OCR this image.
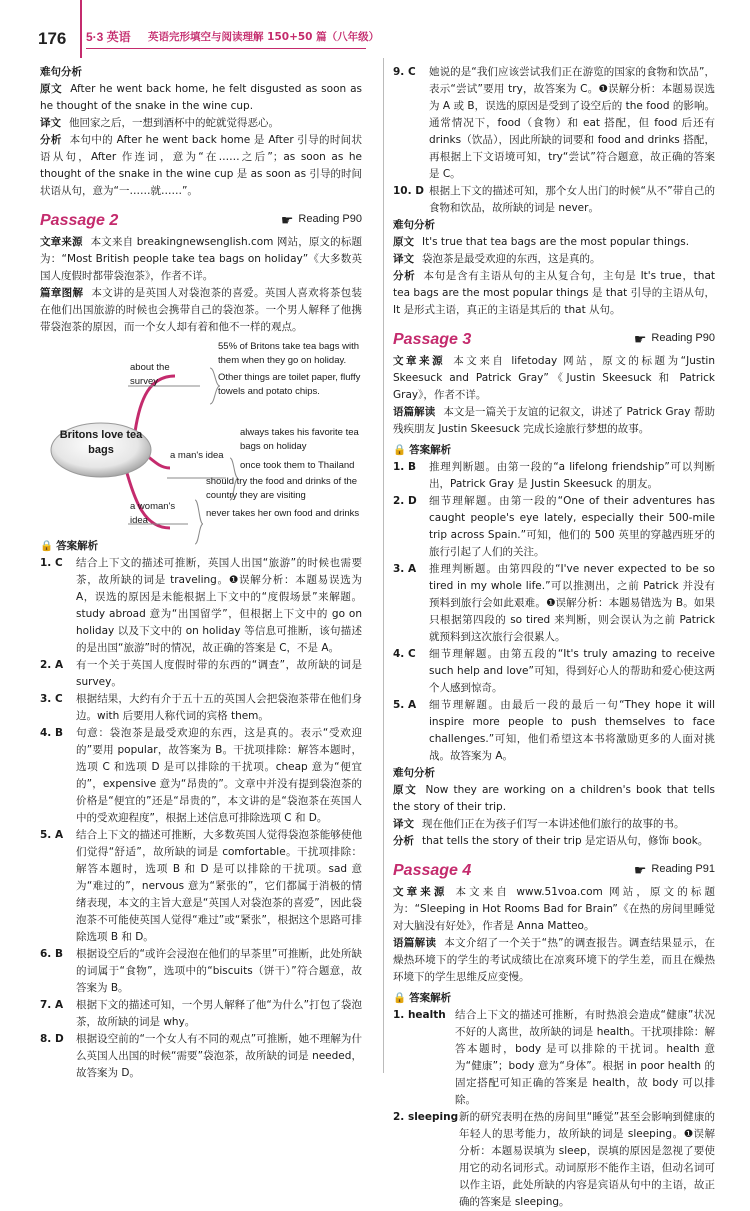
176 5·3 英语 英语完形填空与阅读理解 150+50 篇（八年级）
难句分析
原文 After he went back home, he felt disgusted as soon as he thought of the snake in the wine cup.
译文 他回家之后，一想到酒杯中的蛇就觉得恶心。
分析 本句中的 After he went back home 是 After 引导的时间状语从句，After 作连词，意为“在……之后”；as soon as he thought of the snake in the wine cup 是 as soon as 引导的时间状语从句，意为“一……就……”。
Passage 2	☛ Reading P90
文章来源 本文来自 breakingnewsenglish.com 网站，原文的标题为：“Most British people take tea bags on holiday”《大多数英国人度假时都带袋泡茶》，作者不详。
篇章图解 本文讲的是英国人对袋泡茶的喜爱。英国人喜欢将茶包装在他们出国旅游的时候也会携带自己的袋泡茶。一个男人解释了他携带袋泡茶的原因，而一个女人却有着和他不一样的观点。
Britons love tea bags
about the survey
55% of Britons take tea bags with them when they go on holiday.
Other things are toilet paper, fluffy towels and potato chips.
a man's idea
always takes his favorite tea bags on holiday
once took them to Thailand
a woman's idea
should try the food and drinks of the country they are visiting
never takes her own food and drinks
🔒 答案解析
1. C	结合上下文的描述可推断，英国人出国“旅游”的时候也需要茶，故所缺的词是 traveling。❶误解分析：本题易误选为 A，误选的原因是未能根据上下文中的“度假场景”来解题。study abroad 意为“出国留学”，但根据上下文中的 go on holiday 以及下文中的 on holiday 等信息可推断，该句描述的是出国“旅游”时的情况，故正确的答案是 C，不是 A。
2. A	有一个关于英国人度假时带的东西的“调查”，故所缺的词是 survey。
3. C	根据结果，大约有介于五十五的英国人会把袋泡茶带在他们身边。with 后要用人称代词的宾格 them。
4. B	句意：袋泡茶是最受欢迎的东西，这是真的。表示“受欢迎的”要用 popular，故答案为 B。干扰项排除：解答本题时，选项 C 和选项 D 是可以排除的干扰项。cheap 意为“便宜的”，expensive 意为“昂贵的”。文章中并没有提到袋泡茶的价格是“便宜的”还是“昂贵的”，本文讲的是“袋泡茶在英国人中的受欢迎程度”，根据上述信息可排除选项 C 和 D。
5. A	结合上下文的描述可推断，大多数英国人觉得袋泡茶能够使他们觉得“舒适”，故所缺的词是 comfortable。干扰项排除：解答本题时，选项 B 和 D 是可以排除的干扰项。sad 意为“难过的”，nervous 意为“紧张的”，它们都属于消极的情绪表现，本文的主旨大意是“英国人对袋泡茶的喜爱”，因此袋泡茶不可能使英国人觉得“难过”或“紧张”，根据这个思路可排除选项 B 和 D。
6. B	根据设空后的“或许会浸泡在他们的早茶里”可推断，此处所缺的词属于“食物”，选项中的“biscuits（饼干）”符合题意，故答案为 B。
7. A	根据下文的描述可知，一个男人解释了他“为什么”打包了袋泡茶，故所缺的词是 why。
8. D	根据设空前的“一个女人有不同的观点”可推断，她不理解为什么英国人出国的时候“需要”袋泡茶，故所缺的词是 needed，故答案为 D。
9. C	她说的是“我们应该尝试我们正在游览的国家的食物和饮品”，表示“尝试”要用 try，故答案为 C。❶误解分析：本题易误选为 A 或 B，误选的原因是受到了设空后的 the food 的影响。通常情况下，food（食物）和 eat 搭配，但 food 后还有 drinks（饮品），因此所缺的词要和 food and drinks 搭配，再根据上下文语境可知，try“尝试”符合题意，故正确的答案是 C。
10. D 根据上下文的描述可知，那个女人出门的时候“从不”带自己的食物和饮品，故所缺的词是 never。
难句分析
原文 It's true that tea bags are the most popular things.
译文 袋泡茶是最受欢迎的东西，这是真的。
分析 本句是含有主语从句的主从复合句，主句是 It's true，that tea bags are the most popular things 是 that 引导的主语从句，It 是形式主语，真正的主语是其后的 that 从句。
Passage 3	☛ Reading P90
文章来源 本文来自 lifetoday 网站，原文的标题为“Justin Skeesuck and Patrick Gray”《Justin Skeesuck 和 Patrick Gray》，作者不详。
语篇解读 本文是一篇关于友谊的记叙文，讲述了 Patrick Gray 帮助残疾朋友 Justin Skeesuck 完成长途旅行梦想的故事。
🔒 答案解析
1. B	推理判断题。由第一段的“a lifelong friendship”可以判断出，Patrick Gray 是 Justin Skeesuck 的朋友。
2. D	细节理解题。由第一段的“One of their adventures has caught people's eye lately, especially their 500-mile trip across Spain.”可知，他们的 500 英里的穿越西班牙的旅行引起了人们的关注。
3. A	推理判断题。由第四段的“I've never expected to be so tired in my whole life.”可以推测出，之前 Patrick 并没有预料到旅行会如此艰难。❶误解分析：本题易错选为 B。如果只根据第四段的 so tired 来判断，则会误认为之前 Patrick 就预料到这次旅行会很累人。
4. C	细节理解题。由第五段的“It's truly amazing to receive such help and love”可知，得到好心人的帮助和爱心使这两个人感到惊奇。
5. A	细节理解题。由最后一段的最后一句“They hope it will inspire more people to push themselves to face challenges.”可知，他们希望这本书将激励更多的人面对挑战。故答案为 A。
难句分析
原文 Now they are working on a children's book that tells the story of their trip.
译文 现在他们正在为孩子们写一本讲述他们旅行的故事的书。
分析 that tells the story of their trip 是定语从句，修饰 book。
Passage 4	☛ Reading P91
文章来源 本文来自 www.51voa.com 网站，原文的标题为：“Sleeping in Hot Rooms Bad for Brain”《在热的房间里睡觉对大脑没有好处》，作者是 Anna Matteo。
语篇解读 本文介绍了一个关于“热”的调查报告。调查结果显示，在燥热环境下的学生的考试成绩比在凉爽环境下的学生差，而且在燥热环境下的学生思维反应变慢。
🔒 答案解析
1. health 结合上下文的描述可推断，有时热浪会造成“健康”状况不好的人离世，故所缺的词是 health。干扰项排除：解答本题时，body 是可以排除的干扰词。health 意为“健康”；body 意为“身体”。根据 in poor health 的固定搭配可知正确的答案是 health，故 body 可以排除。
2. sleeping 新的研究表明在热的房间里“睡觉”甚至会影响到健康的年轻人的思考能力，故所缺的词是 sleeping。❶误解分析：本题易误填为 sleep，误填的原因是忽视了要使用它的动名词形式。动词原形不能作主语，但动名词可以作主语，此处所缺的内容是宾语从句中的主语，故正确的答案是 sleeping。
